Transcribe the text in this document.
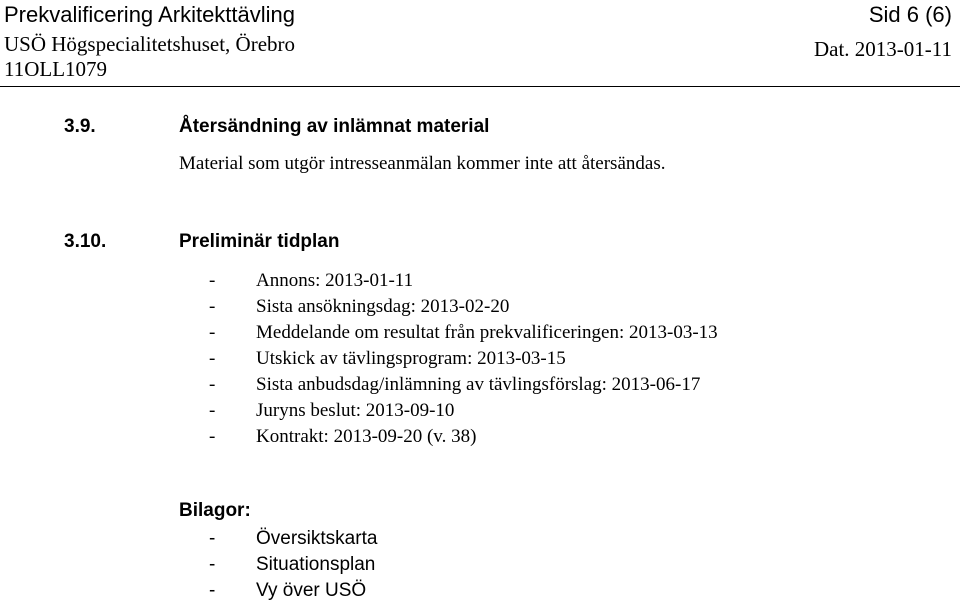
Prekvalificering Arkitekttävling	Sid 6 (6)
USÖ Högspecialitetshuset, Örebro	Dat. 2013-01-11
11OLL1079
3.9.	Återsändning av inlämnat material
Material som utgör intresseanmälan kommer inte att återsändas.
3.10.	Preliminär tidplan
- Annons: 2013-01-11
- Sista ansökningsdag: 2013-02-20
- Meddelande om resultat från prekvalificeringen: 2013-03-13
- Utskick av tävlingsprogram: 2013-03-15
- Sista anbudsdag/inlämning av tävlingsförslag: 2013-06-17
- Juryns beslut: 2013-09-10
- Kontrakt: 2013-09-20 (v. 38)
Bilagor:
- Översiktskarta
- Situationsplan
- Vy över USÖ
